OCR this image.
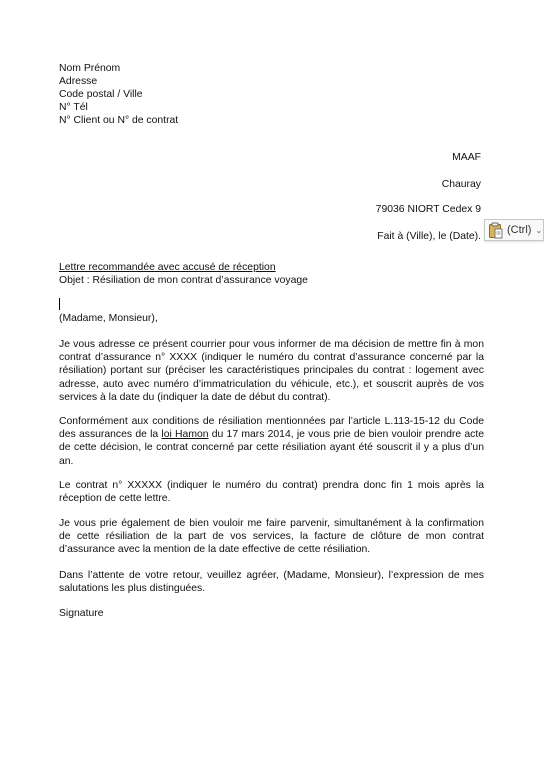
Nom Prénom
Adresse
Code postal / Ville
N° Tél
N° Client ou N° de contrat
MAAF
Chauray
79036 NIORT Cedex 9
Fait à (Ville), le (Date).
(Ctrl) ⌄
Lettre recommandée avec accusé de réception
Objet : Résiliation de mon contrat d’assurance voyage
(Madame, Monsieur),
Je vous adresse ce présent courrier pour vous informer de ma décision de mettre fin à mon contrat d’assurance n° XXXX (indiquer le numéro du contrat d’assurance concerné par la résiliation) portant sur (préciser les caractéristiques principales du contrat : logement avec adresse, auto avec numéro d’immatriculation du véhicule, etc.), et souscrit auprès de vos services à la date du (indiquer la date de début du contrat).
Conformément aux conditions de résiliation mentionnées par l’article L.113-15-12 du Code des assurances de la loi Hamon du 17 mars 2014, je vous prie de bien vouloir prendre acte de cette décision, le contrat concerné par cette résiliation ayant été souscrit il y a plus d’un an.
Le contrat n° XXXXX (indiquer le numéro du contrat) prendra donc fin 1 mois après la réception de cette lettre.
Je vous prie également de bien vouloir me faire parvenir, simultanément à la confirmation de cette résiliation de la part de vos services, la facture de clôture de mon contrat d’assurance avec la mention de la date effective de cette résiliation.
Dans l’attente de votre retour, veuillez agréer, (Madame, Monsieur), l’expression de mes salutations les plus distinguées.
Signature
